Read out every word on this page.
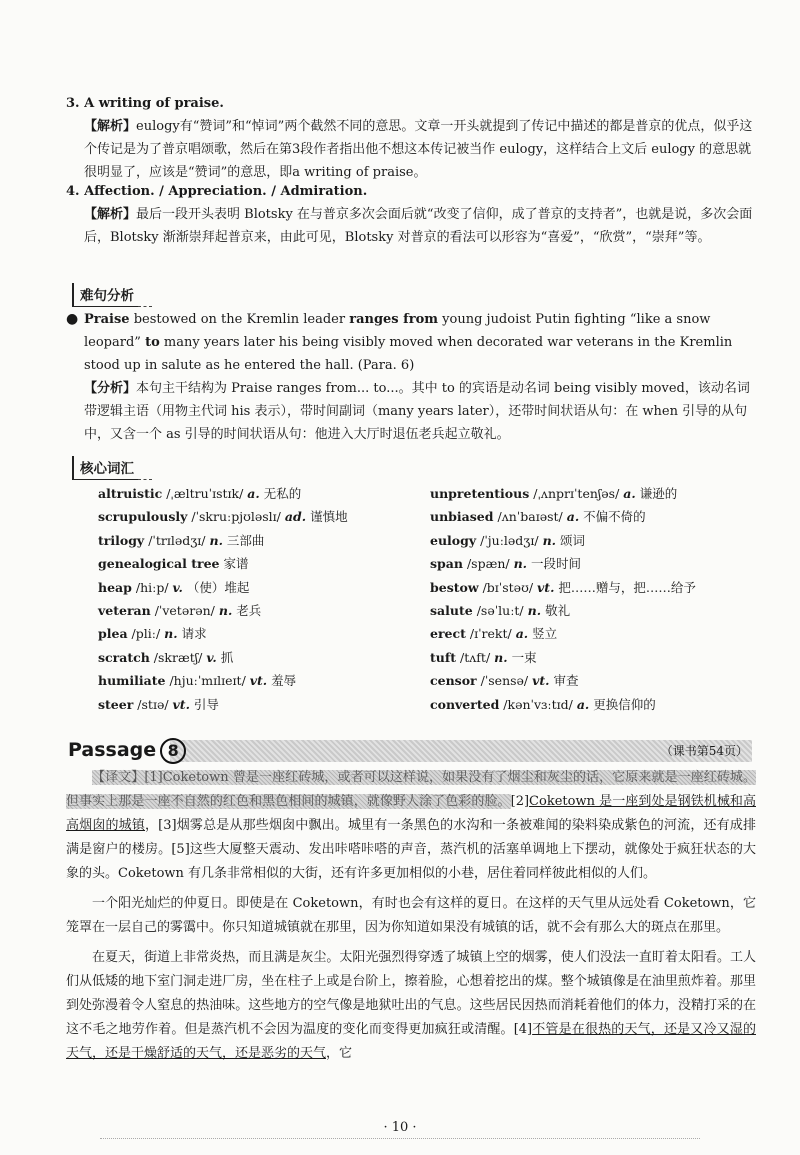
3. A writing of praise.
【解析】eulogy有“赞词”和“悼词”两个截然不同的意思。文章一开头就提到了传记中描述的都是普京的优点，似乎这个传记是为了普京唱颂歌，然后在第3段作者指出他不想这本传记被当作 eulogy，这样结合上文后 eulogy 的意思就很明显了，应该是“赞词”的意思，即a writing of praise。
4. Affection. / Appreciation. / Admiration.
【解析】最后一段开头表明 Blotsky 在与普京多次会面后就“改变了信仰，成了普京的支持者”，也就是说，多次会面后，Blotsky 渐渐崇拜起普京来，由此可见，Blotsky 对普京的看法可以形容为“喜爱”，“欣赏”，“崇拜”等。
难句分析
● Praise bestowed on the Kremlin leader ranges from young judoist Putin fighting “like a snow leopard” to many years later his being visibly moved when decorated war veterans in the Kremlin stood up in salute as he entered the hall. (Para. 6)
【分析】本句主干结构为 Praise ranges from... to...。其中 to 的宾语是动名词 being visibly moved，该动名词带逻辑主语（用物主代词 his 表示），带时间副词（many years later），还带时间状语从句：在 when 引导的从句中，又含一个 as 引导的时间状语从句：他进入大厅时退伍老兵起立敬礼。
核心词汇
altruistic /ˌæltruˈɪstɪk/ a. 无私的
scrupulously /ˈskruːpjʊləslɪ/ ad. 谨慎地
trilogy /ˈtrɪlədʒɪ/ n. 三部曲
genealogical tree 家谱
heap /hiːp/ v. （使）堆起
veteran /ˈvetərən/ n. 老兵
plea /pliː/ n. 请求
scratch /skrætʃ/ v. 抓
humiliate /hjuːˈmɪlɪeɪt/ vt. 羞辱
steer /stɪə/ vt. 引导
unpretentious /ˌʌnprɪˈtenʃəs/ a. 谦逊的
unbiased /ʌnˈbaɪəst/ a. 不偏不倚的
eulogy /ˈjuːlədʒɪ/ n. 颂词
span /spæn/ n. 一段时间
bestow /bɪˈstəʊ/ vt. 把……赠与，把……给予
salute /səˈluːt/ n. 敬礼
erect /ɪˈrekt/ a. 竖立
tuft /tʌft/ n. 一束
censor /ˈsensə/ vt. 审查
converted /kənˈvɜːtɪd/ a. 更换信仰的
Passage 8	（课书第54页）

【译文】[1]Coketown 曾是一座红砖城，或者可以这样说，如果没有了烟尘和灰尘的话，它原来就是一座红砖城。但事实上那是一座不自然的红色和黑色相间的城镇，就像野人涂了色彩的脸。[2]Coketown 是一座到处是钢铁机械和高高烟囱的城镇，[3]烟雾总是从那些烟囱中飘出。城里有一条黑色的水沟和一条被难闻的染料染成紫色的河流，还有成排满是窗户的楼房。[5]这些大厦整天震动、发出咔嗒咔嗒的声音，蒸汽机的活塞单调地上下摆动，就像处于疯狂状态的大象的头。Coketown 有几条非常相似的大街，还有许多更加相似的小巷，居住着同样彼此相似的人们。

一个阳光灿烂的仲夏日。即使是在 Coketown，有时也会有这样的夏日。在这样的天气里从远处看 Coketown，它笼罩在一层自己的雾霭中。你只知道城镇就在那里，因为你知道如果没有城镇的话，就不会有那么大的斑点在那里。

在夏天，街道上非常炎热，而且满是灰尘。太阳光强烈得穿透了城镇上空的烟雾，使人们没法一直盯着太阳看。工人们从低矮的地下室门洞走进厂房，坐在柱子上或是台阶上，擦着脸，心想着挖出的煤。整个城镇像是在油里煎炸着。那里到处弥漫着令人窒息的热油味。这些地方的空气像是地狱吐出的气息。这些居民因热而消耗着他们的体力，没精打采的在这不毛之地劳作着。但是蒸汽机不会因为温度的变化而变得更加疯狂或清醒。[4]不管是在很热的天气，还是又冷又湿的天气，还是干燥舒适的天气，还是恶劣的天气，它

· 10 ·
